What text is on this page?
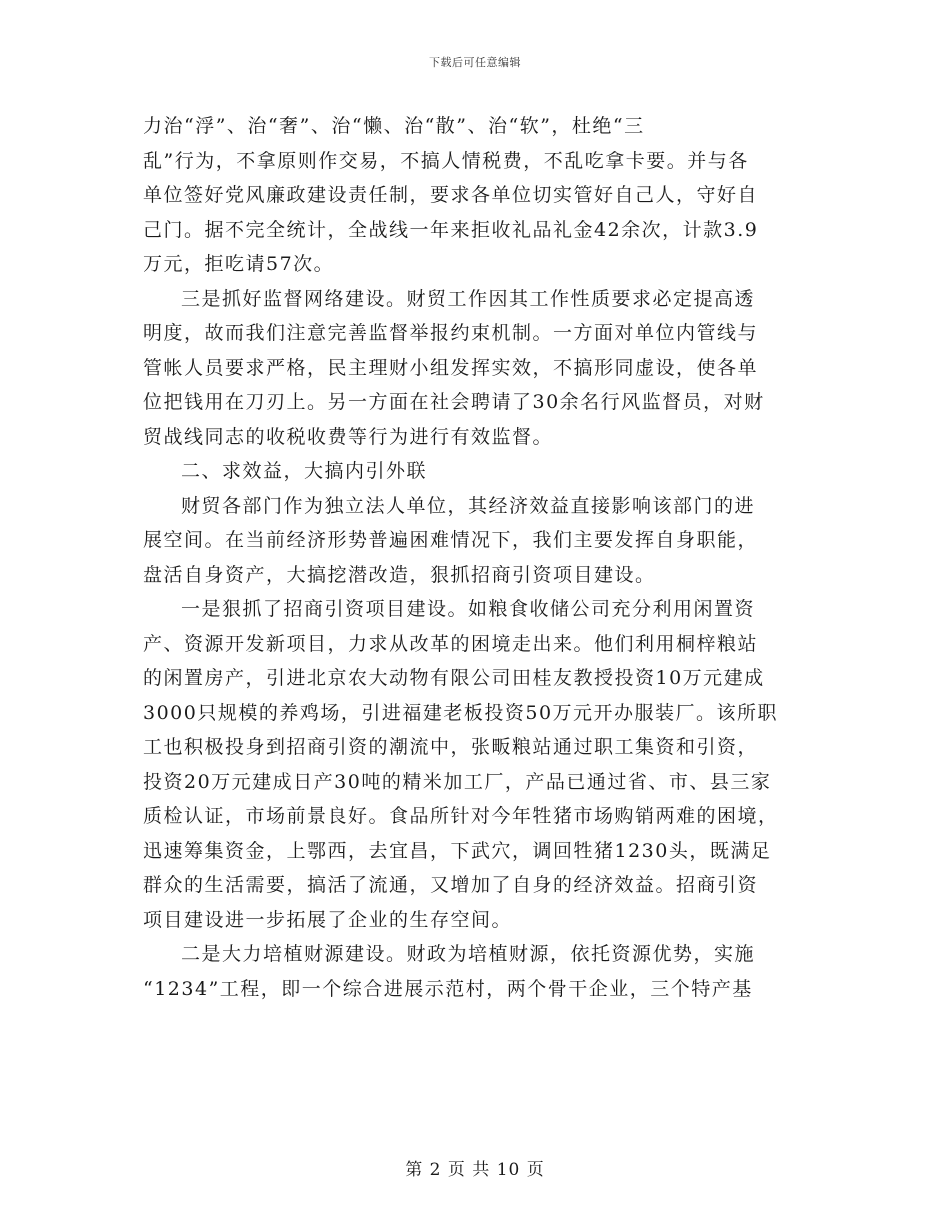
下载后可任意编辑
力治“浮”、治“奢”、治“懒、治“散”、治“软”，杜绝“三
乱”行为，不拿原则作交易，不搞人情税费，不乱吃拿卡要。并与各
单位签好党风廉政建设责任制，要求各单位切实管好自己人，守好自
己门。据不完全统计，全战线一年来拒收礼品礼金42余次，计款3.9
万元，拒吃请57次。
三是抓好监督网络建设。财贸工作因其工作性质要求必定提高透
明度，故而我们注意完善监督举报约束机制。一方面对单位内管线与
管帐人员要求严格，民主理财小组发挥实效，不搞形同虚设，使各单
位把钱用在刀刃上。另一方面在社会聘请了30余名行风监督员，对财
贸战线同志的收税收费等行为进行有效监督。
二、求效益，大搞内引外联
财贸各部门作为独立法人单位，其经济效益直接影响该部门的进
展空间。在当前经济形势普遍困难情况下，我们主要发挥自身职能，
盘活自身资产，大搞挖潜改造，狠抓招商引资项目建设。
一是狠抓了招商引资项目建设。如粮食收储公司充分利用闲置资
产、资源开发新项目，力求从改革的困境走出来。他们利用桐梓粮站
的闲置房产，引进北京农大动物有限公司田桂友教授投资10万元建成
3000只规模的养鸡场，引进福建老板投资50万元开办服装厂。该所职
工也积极投身到招商引资的潮流中，张畈粮站通过职工集资和引资，
投资20万元建成日产30吨的精米加工厂，产品已通过省、市、县三家
质检认证，市场前景良好。食品所针对今年牲猪市场购销两难的困境，
迅速筹集资金，上鄂西，去宜昌，下武穴，调回牲猪1230头，既满足
群众的生活需要，搞活了流通，又增加了自身的经济效益。招商引资
项目建设进一步拓展了企业的生存空间。
二是大力培植财源建设。财政为培植财源，依托资源优势，实施
“1234”工程，即一个综合进展示范村，两个骨干企业，三个特产基
第 2 页 共 10 页
